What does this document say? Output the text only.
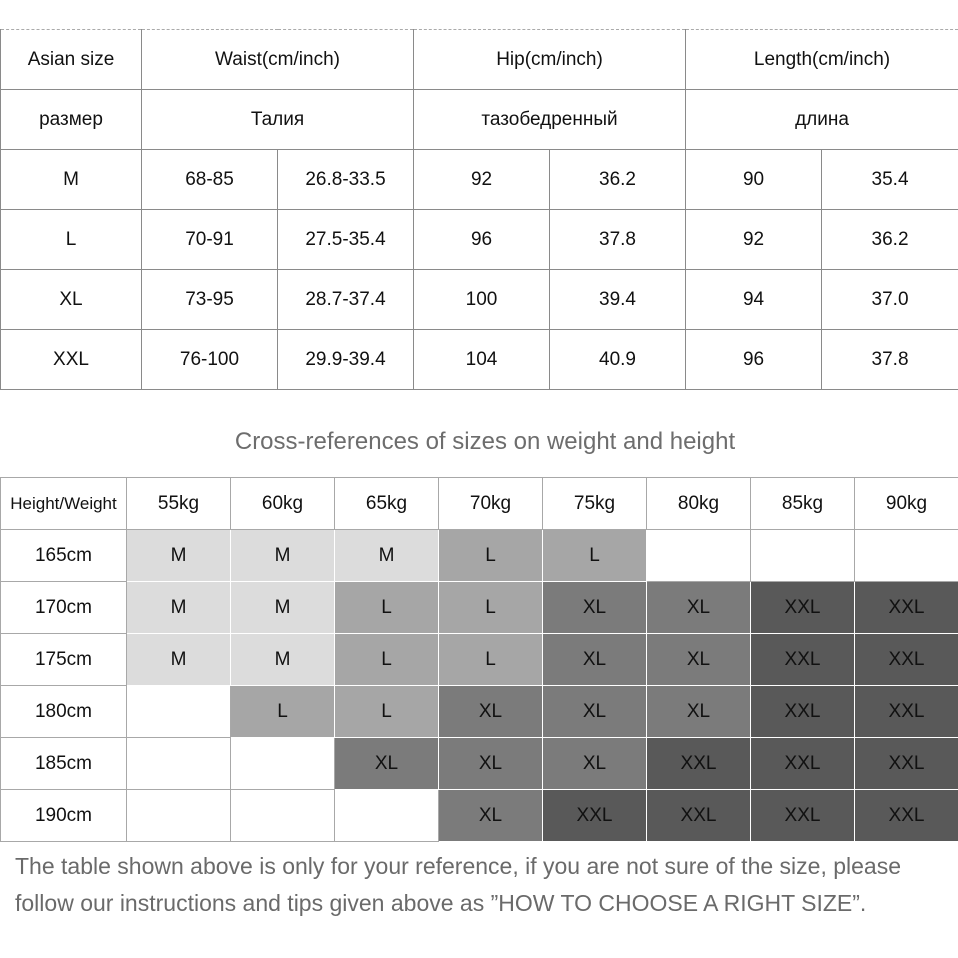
Asian size	Waist(cm/inch)		Hip(cm/inch)		Length(cm/inch)	
размер	Талия		тазобедренный		длина	
M	68-85	26.8-33.5	92	36.2	90	35.4
L	70-91	27.5-35.4	96	37.8	92	36.2
XL	73-95	28.7-37.4	100	39.4	94	37.0
XXL	76-100	29.9-39.4	104	40.9	96	37.8
Cross-references of sizes on weight and height
Height/Weight	55kg	60kg	65kg	70kg	75kg	80kg	85kg	90kg
165cm	M	M	M	L	L			
170cm	M	M	L	L	XL	XL	XXL	XXL
175cm	M	M	L	L	XL	XL	XXL	XXL
180cm		L	L	XL	XL	XL	XXL	XXL
185cm			XL	XL	XL	XXL	XXL	XXL
190cm				XL	XXL	XXL	XXL	XXL
The table shown above is only for your reference, if you are not sure of the size, please follow our instructions and tips given above as ”HOW TO CHOOSE A RIGHT SIZE”.
